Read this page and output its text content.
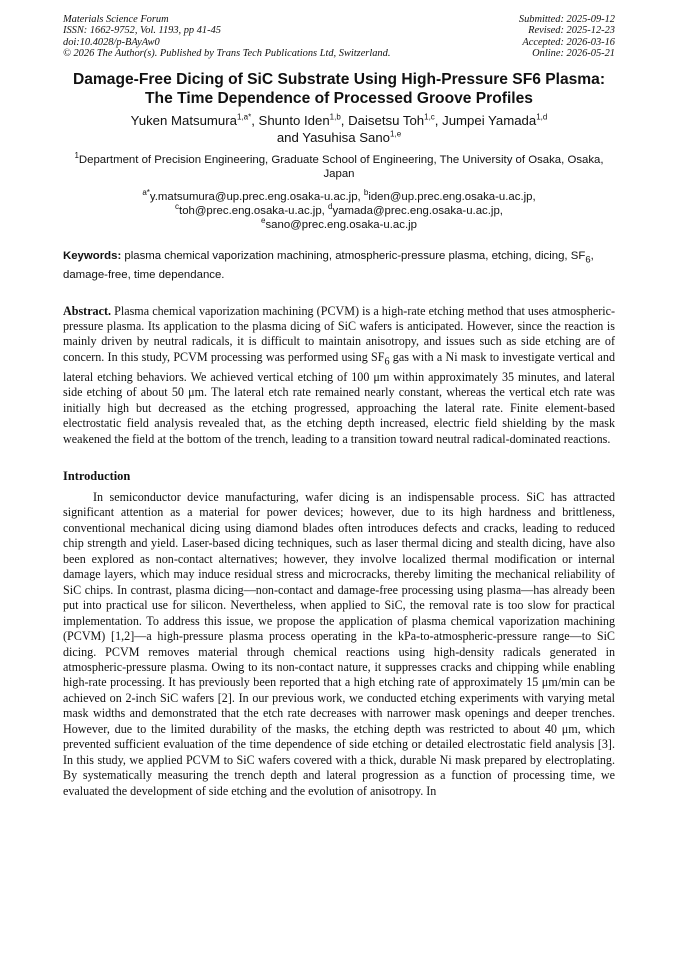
Materials Science Forum
ISSN: 1662-9752, Vol. 1193, pp 41-45
doi:10.4028/p-BAyAw0
© 2026 The Author(s). Published by Trans Tech Publications Ltd, Switzerland.
Submitted: 2025-09-12
Revised: 2025-12-23
Accepted: 2026-03-16
Online: 2026-05-21
Damage-Free Dicing of SiC Substrate Using High-Pressure SF6 Plasma:
The Time Dependence of Processed Groove Profiles
Yuken Matsumura$^{1,a*}$, Shunto Iden$^{1,b}$, Daisetsu Toh$^{1,c}$, Jumpei Yamada$^{1,d}$
and Yasuhisa Sano$^{1,e}$
$^1$Department of Precision Engineering, Graduate School of Engineering, The University of Osaka, Osaka, Japan
$^{a*}$y.matsumura@up.prec.eng.osaka-u.ac.jp, $^b$iden@up.prec.eng.osaka-u.ac.jp,
$^c$toh@prec.eng.osaka-u.ac.jp, $^d$yamada@prec.eng.osaka-u.ac.jp,
$^e$sano@prec.eng.osaka-u.ac.jp
Keywords: plasma chemical vaporization machining, atmospheric-pressure plasma, etching, dicing, $SF_6$, damage-free, time dependance.
Abstract. Plasma chemical vaporization machining (PCVM) is a high-rate etching method that uses atmospheric-pressure plasma. Its application to the plasma dicing of SiC wafers is anticipated. However, since the reaction is mainly driven by neutral radicals, it is difficult to maintain anisotropy, and issues such as side etching are of concern. In this study, PCVM processing was performed using $SF_6$ gas with a Ni mask to investigate vertical and lateral etching behaviors. We achieved vertical etching of 100 μm within approximately 35 minutes, and lateral side etching of about 50 μm. The lateral etch rate remained nearly constant, whereas the vertical etch rate was initially high but decreased as the etching progressed, approaching the lateral rate. Finite element-based electrostatic field analysis revealed that, as the etching depth increased, electric field shielding by the mask weakened the field at the bottom of the trench, leading to a transition toward neutral radical-dominated reactions.
Introduction
In semiconductor device manufacturing, wafer dicing is an indispensable process. SiC has attracted significant attention as a material for power devices; however, due to its high hardness and brittleness, conventional mechanical dicing using diamond blades often introduces defects and cracks, leading to reduced chip strength and yield. Laser-based dicing techniques, such as laser thermal dicing and stealth dicing, have also been explored as non-contact alternatives; however, they involve localized thermal modification or internal damage layers, which may induce residual stress and microcracks, thereby limiting the mechanical reliability of SiC chips. In contrast, plasma dicing—non-contact and damage-free processing using plasma—has already been put into practical use for silicon. Nevertheless, when applied to SiC, the removal rate is too slow for practical implementation. To address this issue, we propose the application of plasma chemical vaporization machining (PCVM) [1,2]—a high-pressure plasma process operating in the kPa-to-atmospheric-pressure range—to SiC dicing. PCVM removes material through chemical reactions using high-density radicals generated in atmospheric-pressure plasma. Owing to its non-contact nature, it suppresses cracks and chipping while enabling high-rate processing. It has previously been reported that a high etching rate of approximately 15 μm/min can be achieved on 2-inch SiC wafers [2]. In our previous work, we conducted etching experiments with varying metal mask widths and demonstrated that the etch rate decreases with narrower mask openings and deeper trenches. However, due to the limited durability of the masks, the etching depth was restricted to about 40 μm, which prevented sufficient evaluation of the time dependence of side etching or detailed electrostatic field analysis [3]. In this study, we applied PCVM to SiC wafers covered with a thick, durable Ni mask prepared by electroplating. By systematically measuring the trench depth and lateral progression as a function of processing time, we evaluated the development of side etching and the evolution of anisotropy. In
